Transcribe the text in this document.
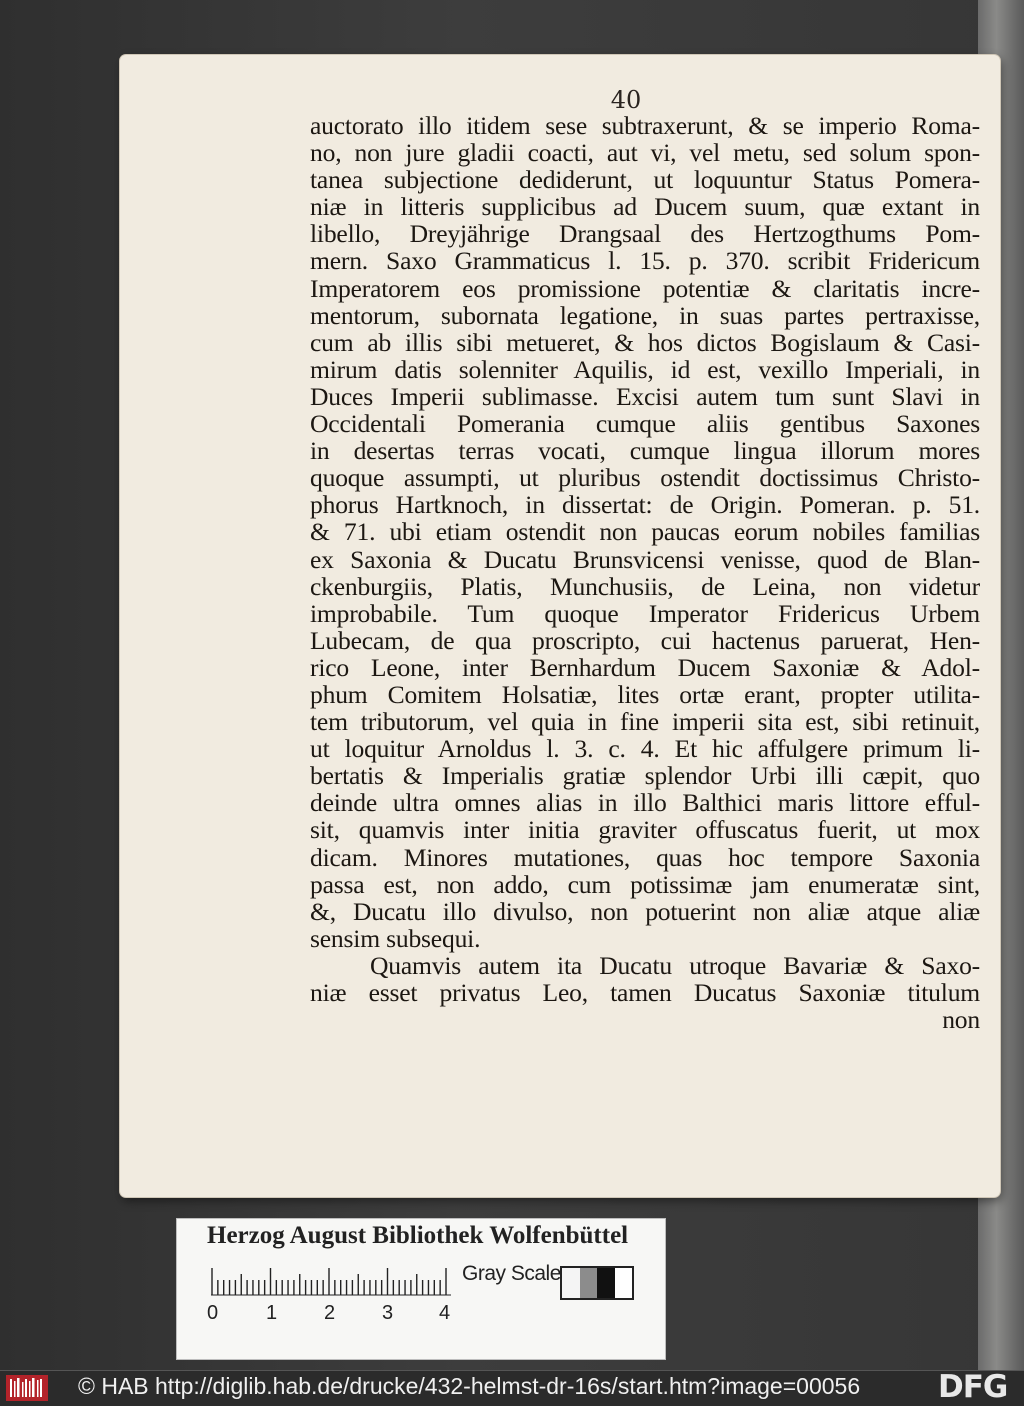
40
auctorato illo itidem sese subtraxerunt, & se imperio Roma-
no, non jure gladii coacti, aut vi, vel metu, sed solum spon-
tanea subjectione dediderunt, ut loquuntur Status Pomera-
niæ in litteris supplicibus ad Ducem suum, quæ extant in
libello, Dreyjährige Drangsaal des Hertzogthums Pom-
mern. Saxo Grammaticus l. 15. p. 370. scribit Fridericum
Imperatorem eos promissione potentiæ & claritatis incre-
mentorum, subornata legatione, in suas partes pertraxisse,
cum ab illis sibi metueret, & hos dictos Bogislaum & Casi-
mirum datis solenniter Aquilis, id est, vexillo Imperiali, in
Duces Imperii sublimasse. Excisi autem tum sunt Slavi in
Occidentali Pomerania cumque aliis gentibus Saxones
in desertas terras vocati, cumque lingua illorum mores
quoque assumpti, ut pluribus ostendit doctissimus Christo-
phorus Hartknoch, in dissertat: de Origin. Pomeran. p. 51.
& 71. ubi etiam ostendit non paucas eorum nobiles familias
ex Saxonia & Ducatu Brunsvicensi venisse, quod de Blan-
ckenburgiis, Platis, Munchusiis, de Leina, non videtur
improbabile. Tum quoque Imperator Fridericus Urbem
Lubecam, de qua proscripto, cui hactenus paruerat, Hen-
rico Leone, inter Bernhardum Ducem Saxoniæ & Adol-
phum Comitem Holsatiæ, lites ortæ erant, propter utilita-
tem tributorum, vel quia in fine imperii sita est, sibi retinuit,
ut loquitur Arnoldus l. 3. c. 4. Et hic affulgere primum li-
bertatis & Imperialis gratiæ splendor Urbi illi cæpit, quo
deinde ultra omnes alias in illo Balthici maris littore efful-
sit, quamvis inter initia graviter offuscatus fuerit, ut mox
dicam. Minores mutationes, quas hoc tempore Saxonia
passa est, non addo, cum potissimæ jam enumeratæ sint,
&, Ducatu illo divulso, non potuerint non aliæ atque aliæ
sensim subsequi.
Quamvis autem ita Ducatu utroque Bavariæ & Saxo-
niæ esset privatus Leo, tamen Ducatus Saxoniæ titulum
non
Herzog August Bibliothek Wolfenbüttel
0 1 2 3 4
Gray Scale
© HAB http://diglib.hab.de/drucke/432-helmst-dr-16s/start.htm?image=00056	DFG
